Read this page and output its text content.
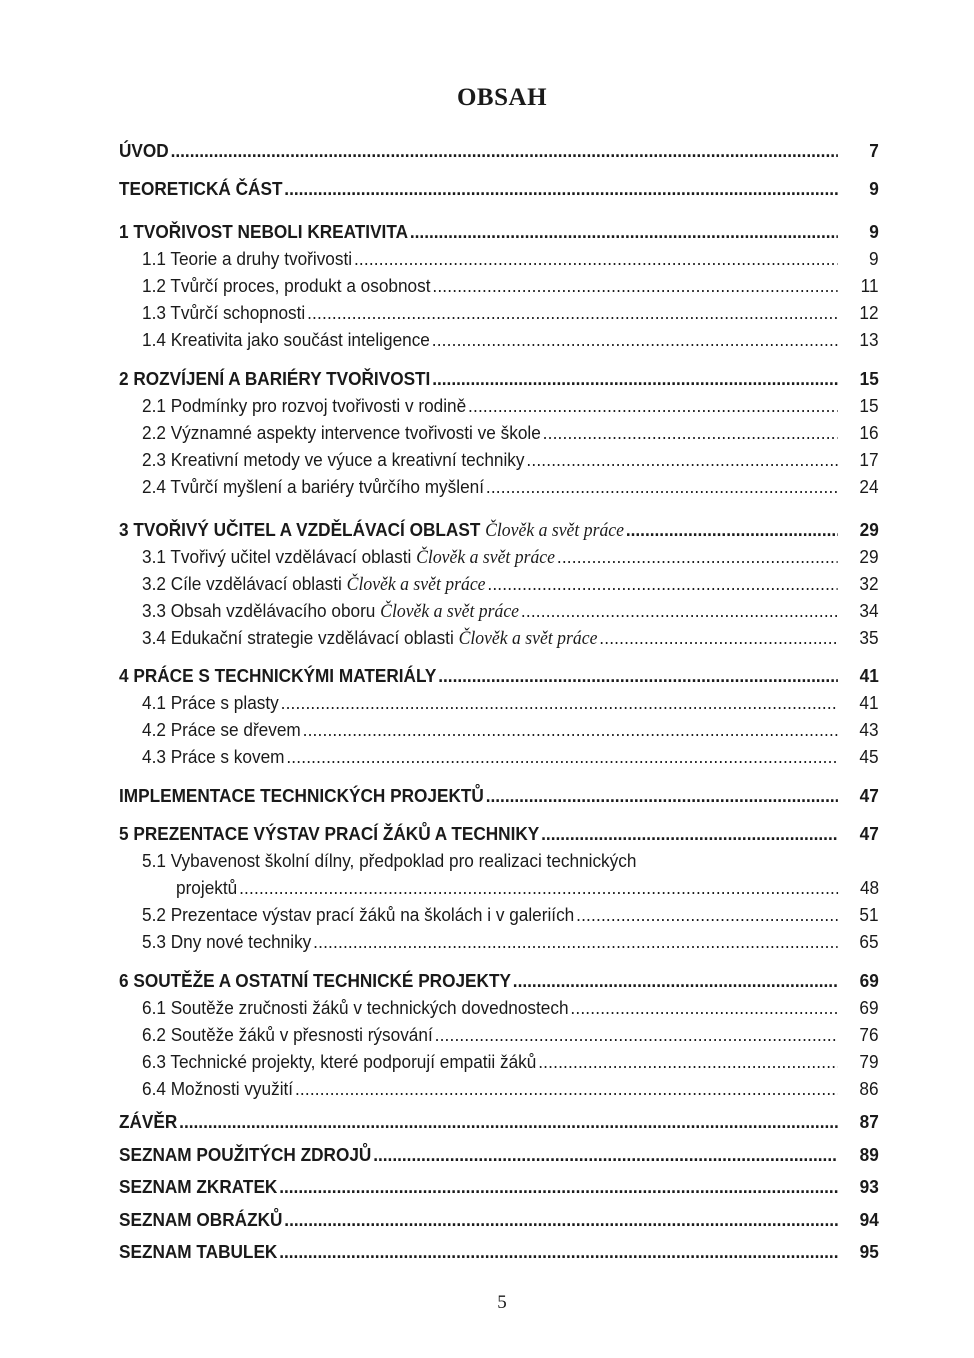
OBSAH
ÚVOD .....	7
TEORETICKÁ ČÁST .....	9
1 TVOŘIVOST NEBOLI KREATIVITA .....	9
1.1 Teorie a druhy tvořivosti .....	9
1.2 Tvůrčí proces, produkt a osobnost .....	11
1.3 Tvůrčí schopnosti .....	12
1.4 Kreativita jako součást inteligence .....	13
2 ROZVÍJENÍ A BARIÉRY TVOŘIVOSTI .....	15
2.1 Podmínky pro rozvoj tvořivosti v rodině .....	15
2.2 Významné aspekty intervence tvořivosti ve škole .....	16
2.3 Kreativní metody ve výuce a kreativní techniky .....	17
2.4 Tvůrčí myšlení a bariéry tvůrčího myšlení .....	24
3 TVOŘIVÝ UČITEL A VZDĚLÁVACÍ OBLAST Člověk a svět práce .....	29
3.1 Tvořivý učitel vzdělávací oblasti Člověk a svět práce .....	29
3.2 Cíle vzdělávací oblasti Člověk a svět práce .....	32
3.3 Obsah vzdělávacího oboru Člověk a svět práce .....	34
3.4 Edukační strategie vzdělávací oblasti Člověk a svět práce .....	35
4 PRÁCE S TECHNICKÝMI MATERIÁLY .....	41
4.1 Práce s plasty .....	41
4.2 Práce se dřevem .....	43
4.3 Práce s kovem .....	45
IMPLEMENTACE TECHNICKÝCH PROJEKTŮ .....	47
5 PREZENTACE VÝSTAV PRACÍ ŽÁKŮ A TECHNIKY .....	47
5.1 Vybavenost školní dílny, předpoklad pro realizaci technických
projektů .....	48
5.2 Prezentace výstav prací žáků na školách i v galeriích .....	51
5.3 Dny nové techniky .....	65
6 SOUTĚŽE A OSTATNÍ TECHNICKÉ PROJEKTY .....	69
6.1 Soutěže zručnosti žáků v technických dovednostech .....	69
6.2 Soutěže žáků v přesnosti rýsování .....	76
6.3 Technické projekty, které podporují empatii žáků .....	79
6.4 Možnosti využití .....	86
ZÁVĚR .....	87
SEZNAM POUŽITÝCH ZDROJŮ .....	89
SEZNAM ZKRATEK .....	93
SEZNAM OBRÁZKŮ .....	94
SEZNAM TABULEK .....	95
5
